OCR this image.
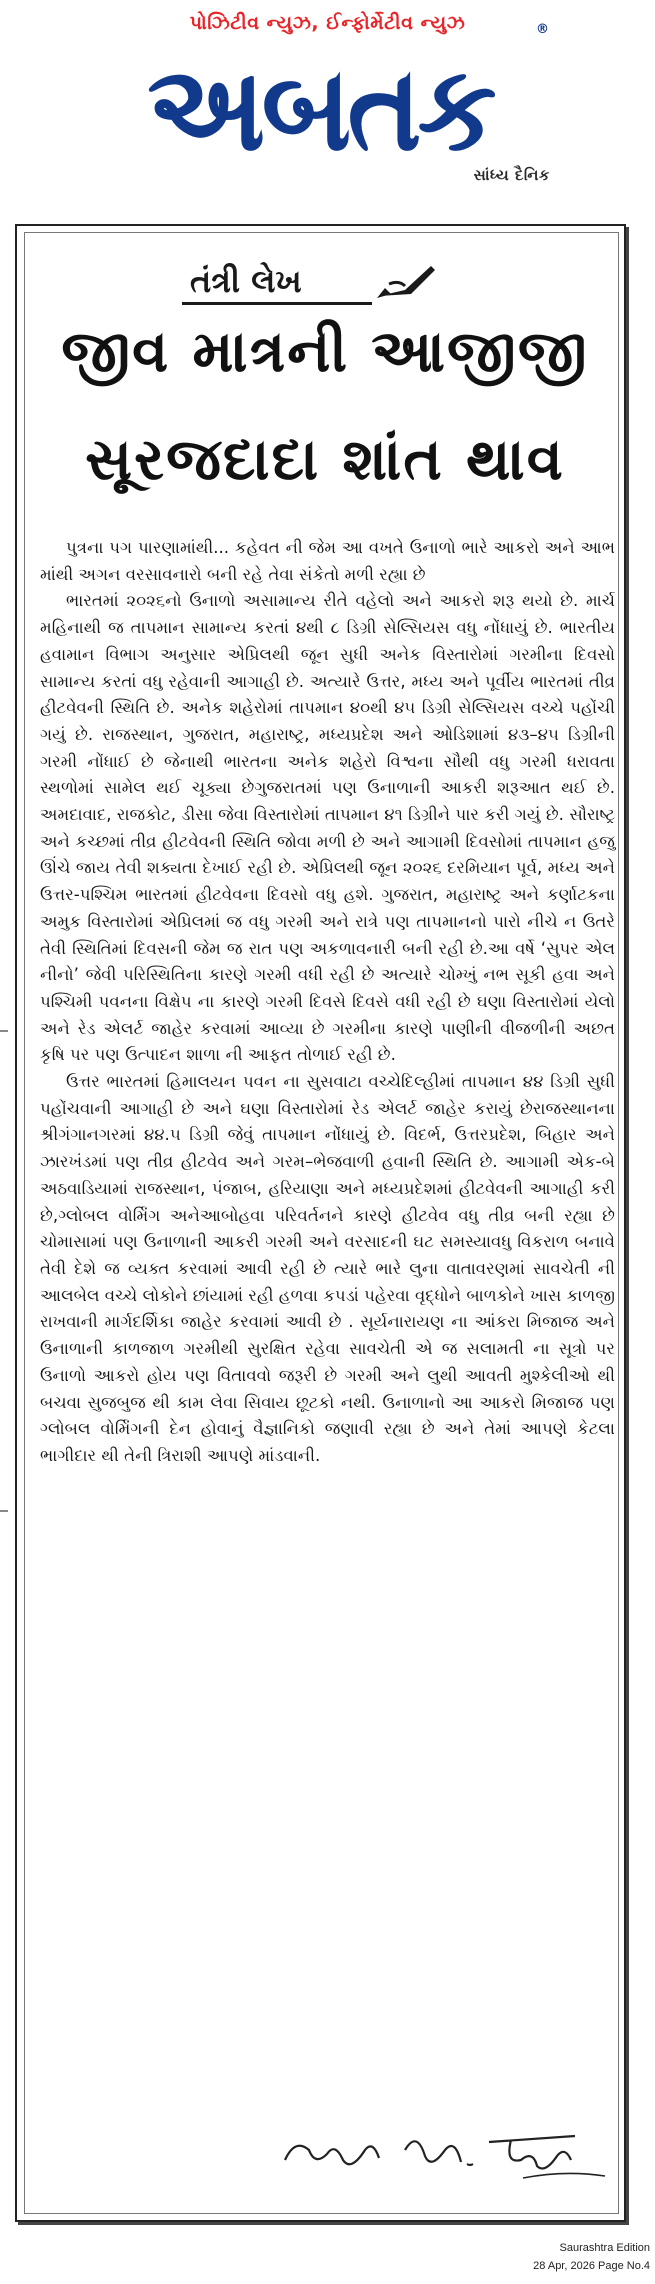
પોઝિટીવ ન્યુઝ, ઈન્ફોર્મેટીવ ન્યુઝ
અબતક
®
સાંધ્ય દૈનિક
તંત્રી લેખ
જીવ માત્રની આજીજી
સૂરજદાદા શાંત થાવ

પુત્રના પગ પારણામાંથી... કહેવત ની જેમ આ વખતે ઉનાળો ભારે આકરો અને આભ માંથી અગન વરસાવનારો બની રહે તેવા સંકેતો મળી રહ્યા છે

ભારતમાં ૨૦૨૬નો ઉનાળો અસામાન્ય રીતે વહેલો અને આકરો શરૂ થયો છે. માર્ચ મહિનાથી જ તાપમાન સામાન્ય કરતાં ૪થી ૮ ડિગ્રી સેલ્સિયસ વધુ નોંધાયું છે. ભારતીય હવામાન વિભાગ અનુસાર એપ્રિલથી જૂન સુધી અનેક વિસ્તારોમાં ગરમીના દિવસો સામાન્ય કરતાં વધુ રહેવાની આગાહી છે. અત્યારે ઉત્તર, મધ્ય અને પૂર્વીય ભારતમાં તીવ્ર હીટવેવની સ્થિતિ છે. અનેક શહેરોમાં તાપમાન ૪૦થી ૪૫ ડિગ્રી સેલ્સિયસ વચ્ચે પહોંચી ગયું છે. રાજસ્થાન, ગુજરાત, મહારાષ્ટ્ર, મધ્યપ્રદેશ અને ઓડિશામાં ૪૩–૪૫ ડિગ્રીની ગરમી નોંધાઈ છે જેનાથી ભારતના અનેક શહેરો વિશ્વના સૌથી વધુ ગરમી ધરાવતા સ્થળોમાં સામેલ થઈ ચૂક્યા છેગુજરાતમાં પણ ઉનાળાની આકરી શરૂઆત થઈ છે. અમદાવાદ, રાજકોટ, ડીસા જેવા વિસ્તારોમાં તાપમાન ૪૧ ડિગ્રીને પાર કરી ગયું છે. સૌરાષ્ટ્ર અને કચ્છમાં તીવ્ર હીટવેવની સ્થિતિ જોવા મળી છે અને આગામી દિવસોમાં તાપમાન હજુ ઊંચે જાય તેવી શક્યતા દેખાઈ રહી છે. એપ્રિલથી જૂન ૨૦૨૬ દરમિયાન પૂર્વ, મધ્ય અને ઉત્તર-પશ્ચિમ ભારતમાં હીટવેવના દિવસો વધુ હશે. ગુજરાત, મહારાષ્ટ્ર અને કર્ણાટકના અમુક વિસ્તારોમાં એપ્રિલમાં જ વધુ ગરમી અને રાત્રે પણ તાપમાનનો પારો નીચે ન ઉતરે તેવી સ્થિતિમાં દિવસની જેમ જ રાત પણ અકળાવનારી બની રહી છે.આ વર્ષે ‘સુપર એલ નીનો’ જેવી પરિસ્થિતિના કારણે ગરમી વધી રહી છે અત્યારે ચોમ્ખું નભ સૂકી હવા અને પશ્ચિમી પવનના વિક્ષેપ ના કારણે ગરમી દિવસે દિવસે વધી રહી છે ઘણા વિસ્તારોમાં યેલો અને રેડ એલર્ટ જાહેર કરવામાં આવ્યા છે ગરમીના કારણે પાણીની વીજળીની અછત કૃષિ પર પણ ઉત્પાદન શાળા ની આફત તોળાઈ રહી છે.

ઉત્તર ભારતમાં હિમાલયન પવન ના સુસવાટા વચ્ચેદિલ્હીમાં તાપમાન ૪૪ ડિગ્રી સુધી પહોંચવાની આગાહી છે અને ઘણા વિસ્તારોમાં રેડ એલર્ટ જાહેર કરાયું છેરાજસ્થાનના શ્રીગંગાનગરમાં ૪૪.૫ ડિગ્રી જેવું તાપમાન નોંધાયું છે. વિદર્ભ, ઉત્તરપ્રદેશ, બિહાર અને ઝારખંડમાં પણ તીવ્ર હીટવેવ અને ગરમ–ભેજવાળી હવાની સ્થિતિ છે. આગામી એક-બે અઠવાડિયામાં રાજસ્થાન, પંજાબ, હરિયાણા અને મધ્યપ્રદેશમાં હીટવેવની આગાહી કરી છે,ગ્લોબલ વોર્મિંગ અનેઆબોહવા પરિવર્તનને કારણે હીટવેવ વધુ તીવ્ર બની રહ્યા છે ચોમાસામાં પણ ઉનાળાની આકરી ગરમી અને વરસાદની ઘટ સમસ્યાવધુ વિકરાળ બનાવે તેવી દેશે જ વ્યક્ત કરવામાં આવી રહી છે ત્યારે ભારે લુના વાતાવરણમાં સાવચેતી ની આલબેલ વચ્ચે લોકોને છાંયામાં રહી હળવા કપડાં પહેરવા વૃદ્ધોને બાળકોને ખાસ કાળજી રાખવાની માર્ગદર્શિકા જાહેર કરવામાં આવી છે . સૂર્યનારાયણ ના આંકરા મિજાજ અને ઉનાળાની કાળજાળ ગરમીથી સુરક્ષિત રહેવા સાવચેતી એ જ સલામતી ના સૂત્રો પર ઉનાળો આકરો હોય પણ વિતાવવો જરૂરી છે ગરમી અને લુથી આવતી મુશ્કેલીઓ થી બચવા સુજબુજ થી કામ લેવા સિવાય છૂટકો નથી. ઉનાળાનો આ આકરો મિજાજ પણ ગ્લોબલ વોર્મિંગની દેન હોવાનું વૈજ્ઞાનિકો જણાવી રહ્યા છે અને તેમાં આપણે કેટલા ભાગીદાર થી તેની ત્રિરાશી આપણે માંડવાની.

Saurashtra Edition
28 Apr, 2026 Page No.4
